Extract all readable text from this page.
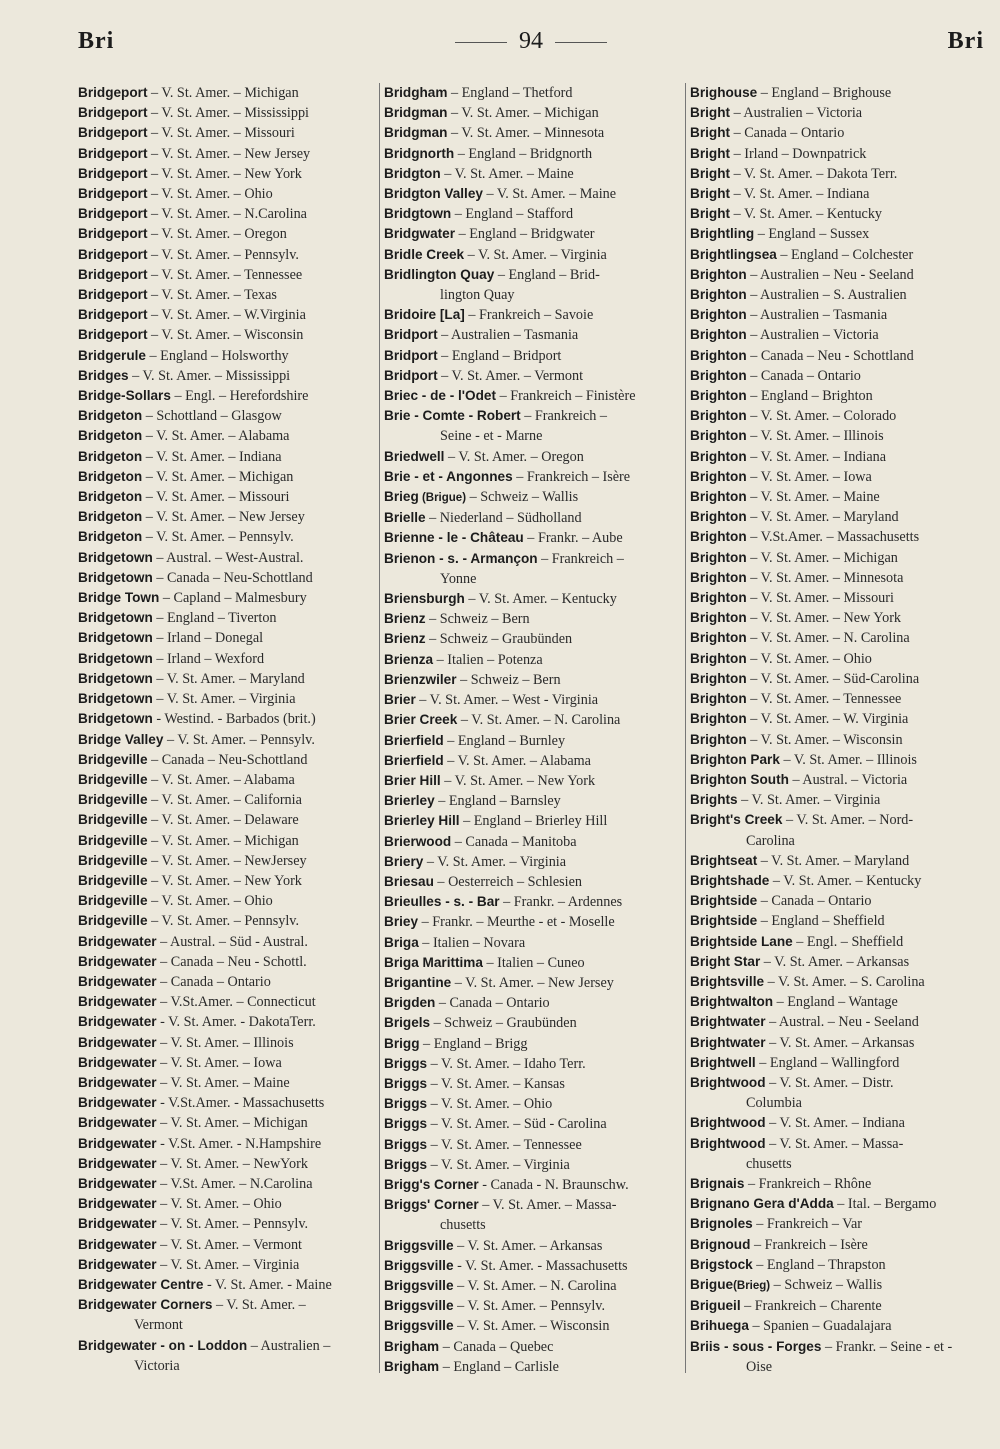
Bri	94	Bri
Bridgeport – V. St. Amer. – Michigan
Bridgeport – V. St. Amer. – Mississippi
Bridgeport – V. St. Amer. – Missouri
Bridgeport – V. St. Amer. – New Jersey
Bridgeport – V. St. Amer. – New York
Bridgeport – V. St. Amer. – Ohio
Bridgeport – V. St. Amer. – N.Carolina
Bridgeport – V. St. Amer. – Oregon
Bridgeport – V. St. Amer. – Pennsylv.
Bridgeport – V. St. Amer. – Tennessee
Bridgeport – V. St. Amer. – Texas
Bridgeport – V. St. Amer. – W.Virginia
Bridgeport – V. St. Amer. – Wisconsin
Bridgerule – England – Holsworthy
Bridges – V. St. Amer. – Mississippi
Bridge-Sollars – Engl. – Herefordshire
Bridgeton – Schottland – Glasgow
Bridgeton – V. St. Amer. – Alabama
Bridgeton – V. St. Amer. – Indiana
Bridgeton – V. St. Amer. – Michigan
Bridgeton – V. St. Amer. – Missouri
Bridgeton – V. St. Amer. – New Jersey
Bridgeton – V. St. Amer. – Pennsylv.
Bridgetown – Austral. – West-Austral.
Bridgetown – Canada – Neu-Schottland
Bridge Town – Capland – Malmesbury
Bridgetown – England – Tiverton
Bridgetown – Irland – Donegal
Bridgetown – Irland – Wexford
Bridgetown – V. St. Amer. – Maryland
Bridgetown – V. St. Amer. – Virginia
Bridgetown - Westind. - Barbados (brit.)
Bridge Valley – V. St. Amer. – Pennsylv.
Bridgeville – Canada – Neu-Schottland
Bridgeville – V. St. Amer. – Alabama
Bridgeville – V. St. Amer. – California
Bridgeville – V. St. Amer. – Delaware
Bridgeville – V. St. Amer. – Michigan
Bridgeville – V. St. Amer. – NewJersey
Bridgeville – V. St. Amer. – New York
Bridgeville – V. St. Amer. – Ohio
Bridgeville – V. St. Amer. – Pennsylv.
Bridgewater – Austral. – Süd - Austral.
Bridgewater – Canada – Neu - Schottl.
Bridgewater – Canada – Ontario
Bridgewater – V.St.Amer. – Connecticut
Bridgewater - V. St. Amer. - DakotaTerr.
Bridgewater – V. St. Amer. – Illinois
Bridgewater – V. St. Amer. – Iowa
Bridgewater – V. St. Amer. – Maine
Bridgewater - V.St.Amer. - Massachusetts
Bridgewater – V. St. Amer. – Michigan
Bridgewater - V.St. Amer. - N.Hampshire
Bridgewater – V. St. Amer. – NewYork
Bridgewater – V.St. Amer. – N.Carolina
Bridgewater – V. St. Amer. – Ohio
Bridgewater – V. St. Amer. – Pennsylv.
Bridgewater – V. St. Amer. – Vermont
Bridgewater – V. St. Amer. – Virginia
Bridgewater Centre - V. St. Amer. - Maine
Bridgewater Corners – V. St. Amer. –
Vermont
Bridgewater - on - Loddon – Australien –
Victoria
Bridgham – England – Thetford
Bridgman – V. St. Amer. – Michigan
Bridgman – V. St. Amer. – Minnesota
Bridgnorth – England – Bridgnorth
Bridgton – V. St. Amer. – Maine
Bridgton Valley – V. St. Amer. – Maine
Bridgtown – England – Stafford
Bridgwater – England – Bridgwater
Bridle Creek – V. St. Amer. – Virginia
Bridlington Quay – England – Brid-
lington Quay
Bridoire [La] – Frankreich – Savoie
Bridport – Australien – Tasmania
Bridport – England – Bridport
Bridport – V. St. Amer. – Vermont
Briec - de - l'Odet – Frankreich – Finistère
Brie - Comte - Robert – Frankreich –
Seine - et - Marne
Briedwell – V. St. Amer. – Oregon
Brie - et - Angonnes – Frankreich – Isère
Brieg (Brigue) – Schweiz – Wallis
Brielle – Niederland – Südholland
Brienne - le - Château – Frankr. – Aube
Brienon - s. - Armançon – Frankreich –
Yonne
Briensburgh – V. St. Amer. – Kentucky
Brienz – Schweiz – Bern
Brienz – Schweiz – Graubünden
Brienza – Italien – Potenza
Brienzwiler – Schweiz – Bern
Brier – V. St. Amer. – West - Virginia
Brier Creek – V. St. Amer. – N. Carolina
Brierfield – England – Burnley
Brierfield – V. St. Amer. – Alabama
Brier Hill – V. St. Amer. – New York
Brierley – England – Barnsley
Brierley Hill – England – Brierley Hill
Brierwood – Canada – Manitoba
Briery – V. St. Amer. – Virginia
Briesau – Oesterreich – Schlesien
Brieulles - s. - Bar – Frankr. – Ardennes
Briey – Frankr. – Meurthe - et - Moselle
Briga – Italien – Novara
Briga Marittima – Italien – Cuneo
Brigantine – V. St. Amer. – New Jersey
Brigden – Canada – Ontario
Brigels – Schweiz – Graubünden
Brigg – England – Brigg
Briggs – V. St. Amer. – Idaho Terr.
Briggs – V. St. Amer. – Kansas
Briggs – V. St. Amer. – Ohio
Briggs – V. St. Amer. – Süd - Carolina
Briggs – V. St. Amer. – Tennessee
Briggs – V. St. Amer. – Virginia
Brigg's Corner - Canada - N. Braunschw.
Briggs' Corner – V. St. Amer. – Massa-
chusetts
Briggsville – V. St. Amer. – Arkansas
Briggsville - V. St. Amer. - Massachusetts
Briggsville – V. St. Amer. – N. Carolina
Briggsville – V. St. Amer. – Pennsylv.
Briggsville – V. St. Amer. – Wisconsin
Brigham – Canada – Quebec
Brigham – England – Carlisle
Brighouse – England – Brighouse
Bright – Australien – Victoria
Bright – Canada – Ontario
Bright – Irland – Downpatrick
Bright – V. St. Amer. – Dakota Terr.
Bright – V. St. Amer. – Indiana
Bright – V. St. Amer. – Kentucky
Brightling – England – Sussex
Brightlingsea – England – Colchester
Brighton – Australien – Neu - Seeland
Brighton – Australien – S. Australien
Brighton – Australien – Tasmania
Brighton – Australien – Victoria
Brighton – Canada – Neu - Schottland
Brighton – Canada – Ontario
Brighton – England – Brighton
Brighton – V. St. Amer. – Colorado
Brighton – V. St. Amer. – Illinois
Brighton – V. St. Amer. – Indiana
Brighton – V. St. Amer. – Iowa
Brighton – V. St. Amer. – Maine
Brighton – V. St. Amer. – Maryland
Brighton – V.St.Amer. – Massachusetts
Brighton – V. St. Amer. – Michigan
Brighton – V. St. Amer. – Minnesota
Brighton – V. St. Amer. – Missouri
Brighton – V. St. Amer. – New York
Brighton – V. St. Amer. – N. Carolina
Brighton – V. St. Amer. – Ohio
Brighton – V. St. Amer. – Süd-Carolina
Brighton – V. St. Amer. – Tennessee
Brighton – V. St. Amer. – W. Virginia
Brighton – V. St. Amer. – Wisconsin
Brighton Park – V. St. Amer. – Illinois
Brighton South – Austral. – Victoria
Brights – V. St. Amer. – Virginia
Bright's Creek – V. St. Amer. – Nord-
Carolina
Brightseat – V. St. Amer. – Maryland
Brightshade – V. St. Amer. – Kentucky
Brightside – Canada – Ontario
Brightside – England – Sheffield
Brightside Lane – Engl. – Sheffield
Bright Star – V. St. Amer. – Arkansas
Brightsville – V. St. Amer. – S. Carolina
Brightwalton – England – Wantage
Brightwater – Austral. – Neu - Seeland
Brightwater – V. St. Amer. – Arkansas
Brightwell – England – Wallingford
Brightwood – V. St. Amer. – Distr.
Columbia
Brightwood – V. St. Amer. – Indiana
Brightwood – V. St. Amer. – Massa-
chusetts
Brignais – Frankreich – Rhône
Brignano Gera d'Adda – Ital. – Bergamo
Brignoles – Frankreich – Var
Brignoud – Frankreich – Isère
Brigstock – England – Thrapston
Brigue(Brieg) – Schweiz – Wallis
Brigueil – Frankreich – Charente
Brihuega – Spanien – Guadalajara
Briis - sous - Forges – Frankr. – Seine - et -
Oise
